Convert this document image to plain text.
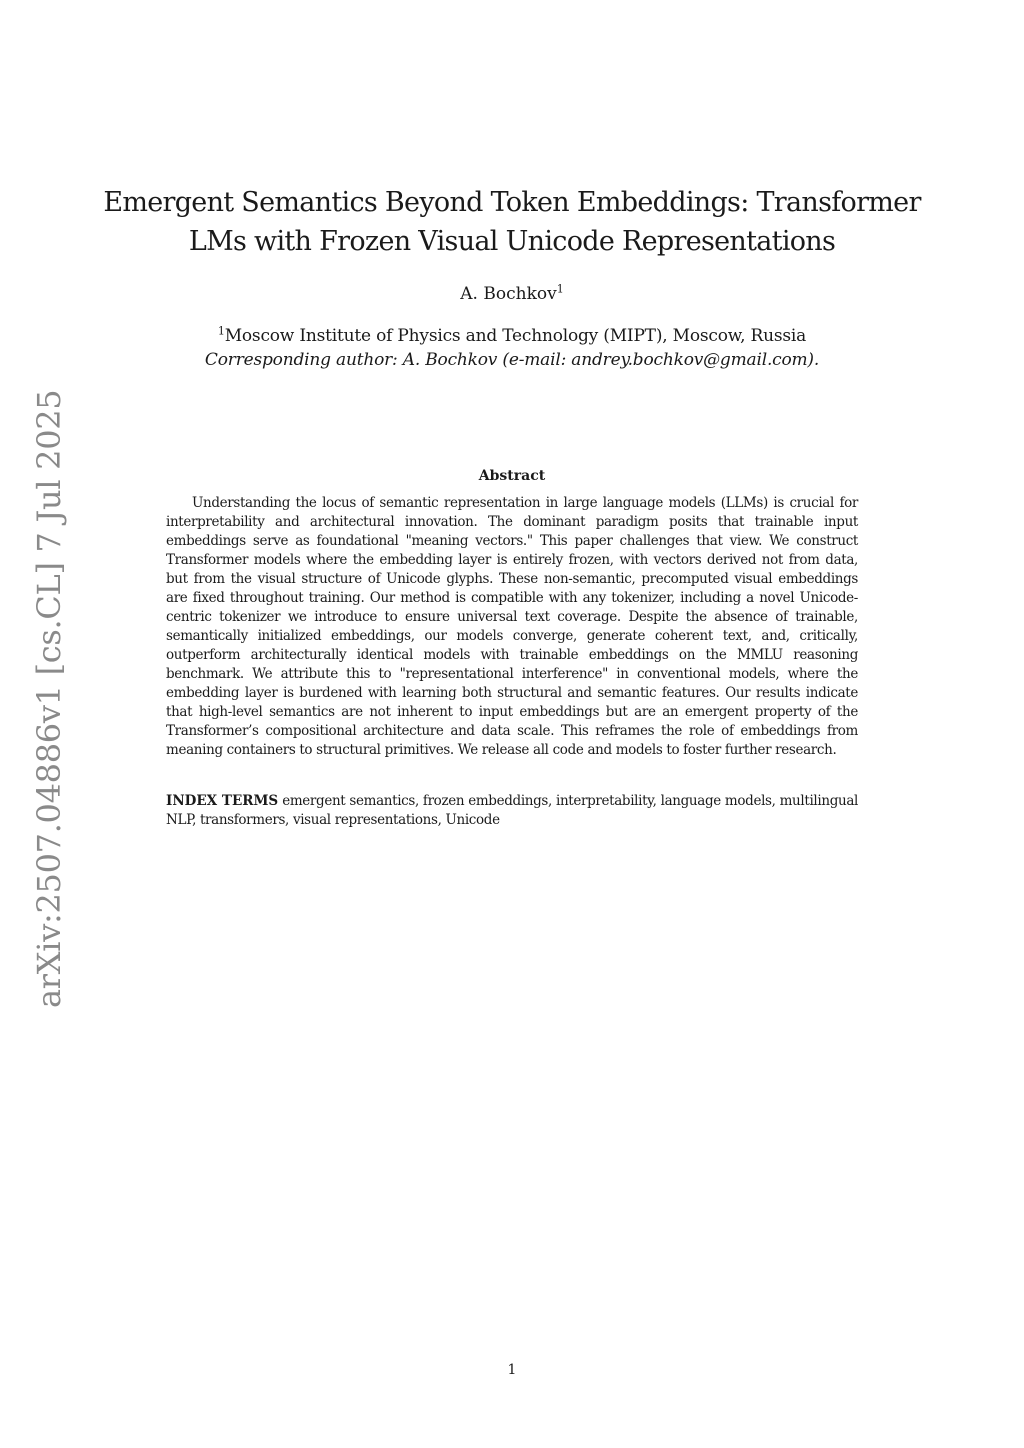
arXiv:2507.04886v1 [cs.CL] 7 Jul 2025
Emergent Semantics Beyond Token Embeddings: Transformer LMs with Frozen Visual Unicode Representations
A. Bochkov$^1$
$^1$Moscow Institute of Physics and Technology (MIPT), Moscow, Russia
Corresponding author: A. Bochkov (e-mail: andrey.bochkov@gmail.com).
Abstract

Understanding the locus of semantic representation in large language models (LLMs) is crucial for interpretability and architectural innovation. The dominant paradigm posits that trainable input embeddings serve as foundational "meaning vectors." This paper challenges that view. We construct Transformer models where the embedding layer is entirely frozen, with vectors derived not from data, but from the visual structure of Unicode glyphs. These non-semantic, precomputed visual embeddings are fixed throughout training. Our method is compatible with any tokenizer, including a novel Unicode-centric tokenizer we introduce to ensure universal text coverage. Despite the absence of trainable, semantically initialized embeddings, our models converge, generate coherent text, and, critically, outperform architecturally identical models with trainable embeddings on the MMLU reasoning benchmark. We attribute this to "representational interference" in conventional models, where the embedding layer is burdened with learning both structural and semantic features. Our results indicate that high-level semantics are not inherent to input embeddings but are an emergent property of the Transformer’s compositional architecture and data scale. This reframes the role of embeddings from meaning containers to structural primitives. We release all code and models to foster further research.

INDEX TERMS emergent semantics, frozen embeddings, interpretability, language models, multilingual NLP, transformers, visual representations, Unicode

1
